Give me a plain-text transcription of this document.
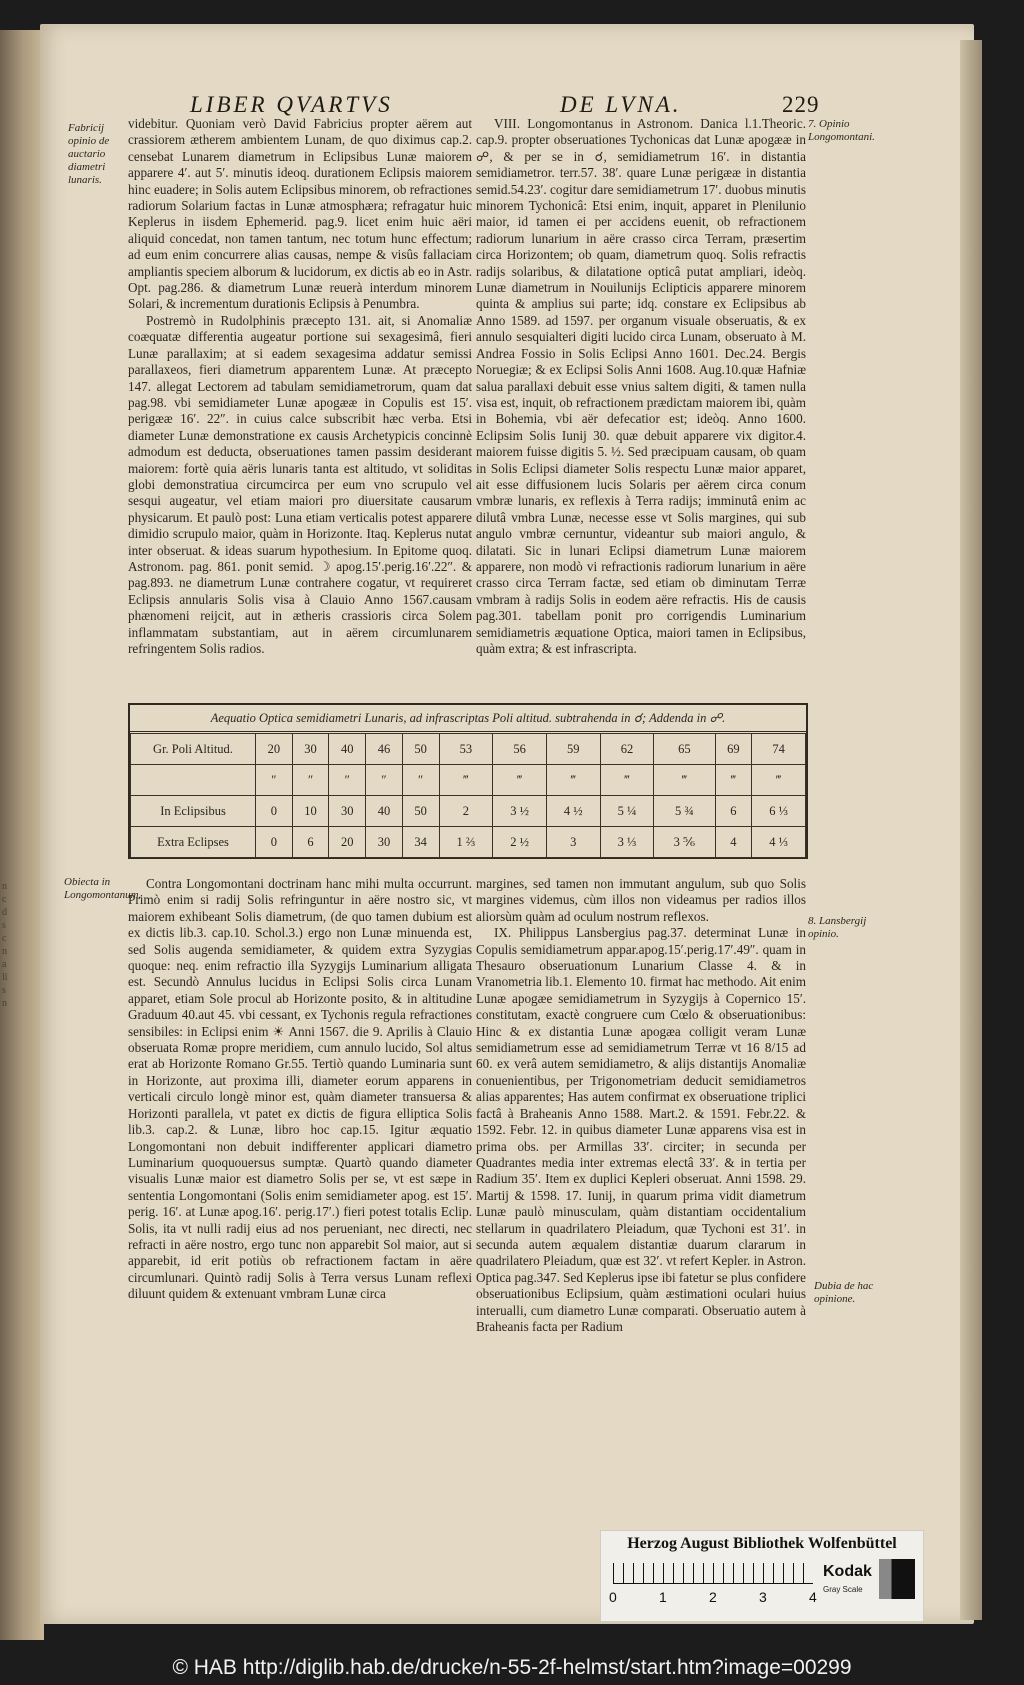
n
c
d
s
c
n
a
li
s
n
LIBER QVARTVS	DE LVNA.	229
Fabricij opinio de auctario diametri lunaris.
7. Opinio Longomontani.
Obiecta in Longomontanum.
8. Lansbergij opinio.
Dubia de hac opinione.

videbitur. Quoniam verò David Fabricius propter aërem aut crassiorem ætherem ambientem Lunam, de quo diximus cap.2. censebat Lunarem diametrum in Eclipsibus Lunæ maiorem apparere 4′. aut 5′. minutis ideoq. durationem Eclipsis maiorem hinc euadere; in Solis autem Eclipsibus minorem, ob refractiones radiorum Solarium factas in Lunæ atmosphæra; refragatur huic Keplerus in iisdem Ephemerid. pag.9. licet enim huic aëri aliquid concedat, non tamen tantum, nec totum hunc effectum; ad eum enim concurrere alias causas, nempe & visûs fallaciam ampliantis speciem alborum & lucidorum, ex dictis ab eo in Astr. Opt. pag.286. & diametrum Lunæ reuerà interdum minorem Solari, & incrementum durationis Eclipsis à Penumbra.

Postremò in Rudolphinis præcepto 131. ait, si Anomaliæ coæquatæ differentia augeatur portione sui sexagesimâ, fieri Lunæ parallaxim; at si eadem sexagesima addatur semissi parallaxeos, fieri diametrum apparentem Lunæ. At præcepto 147. allegat Lectorem ad tabulam semidiametrorum, quam dat pag.98. vbi semidiameter Lunæ apogææ in Copulis est 15′. perigææ 16′. 22″. in cuius calce subscribit hæc verba. Etsi diameter Lunæ demonstratione ex causis Archetypicis concinnè admodum est deducta, obseruationes tamen passim desiderant maiorem: fortè quia aëris lunaris tanta est altitudo, vt soliditas globi demonstratiua circumcirca per eum vno scrupulo vel sesqui augeatur, vel etiam maiori pro diuersitate causarum physicarum. Et paulò post: Luna etiam verticalis potest apparere dimidio scrupulo maior, quàm in Horizonte. Itaq. Keplerus nutat inter obseruat. & ideas suarum hypothesium. In Epitome quoq. Astronom. pag. 861. ponit semid. ☽ apog.15′.perig.16′.22″. & pag.893. ne diametrum Lunæ contrahere cogatur, vt requireret Eclipsis annularis Solis visa à Clauio Anno 1567.causam phænomeni reijcit, aut in ætheris crassioris circa Solem inflammatam substantiam, aut in aërem circumlunarem refringentem Solis radios.

VIII. Longomontanus in Astronom. Danica l.1.Theoric. cap.9. propter obseruationes Tychonicas dat Lunæ apogææ in ☍, & per se in ☌, semidiametrum 16′. in distantia semidiametror. terr.57. 38′. quare Lunæ perigææ in distantia semid.54.23′. cogitur dare semidiametrum 17′. duobus minutis minorem Tychonicâ: Etsi enim, inquit, apparet in Plenilunio maior, id tamen ei per accidens euenit, ob refractionem radiorum lunarium in aëre crasso circa Terram, præsertim circa Horizontem; ob quam, diametrum quoq. Solis refractis radijs solaribus, & dilatatione opticâ putat ampliari, ideòq. Lunæ diametrum in Nouilunijs Eclipticis apparere minorem quinta & amplius sui parte; idq. constare ex Eclipsibus ab Anno 1589. ad 1597. per organum visuale obseruatis, & ex annulo sesquialteri digiti lucido circa Lunam, obseruato à M. Andrea Fossio in Solis Eclipsi Anno 1601. Dec.24. Bergis Noruegiæ; & ex Eclipsi Solis Anni 1608. Aug.10.quæ Hafniæ salua parallaxi debuit esse vnius saltem digiti, & tamen nulla visa est, inquit, ob refractionem prædictam maiorem ibi, quàm in Bohemia, vbi aër defecatior est; ideòq. Anno 1600. Eclipsim Solis Iunij 30. quæ debuit apparere vix digitor.4. maiorem fuisse digitis 5. ½. Sed præcipuam causam, ob quam in Solis Eclipsi diameter Solis respectu Lunæ maior apparet, ait esse diffusionem lucis Solaris per aërem circa conum vmbræ lunaris, ex reflexis à Terra radijs; imminutâ enim ac dilutâ vmbra Lunæ, necesse esse vt Solis margines, qui sub angulo vmbræ cernuntur, videantur sub maiori angulo, & dilatati. Sic in lunari Eclipsi diametrum Lunæ maiorem apparere, non modò vi refractionis radiorum lunarium in aëre crasso circa Terram factæ, sed etiam ob diminutam Terræ vmbram à radijs Solis in eodem aëre refractis. His de causis pag.301. tabellam ponit pro corrigendis Luminarium semidiametris æquatione Optica, maiori tamen in Eclipsibus, quàm extra; & est infrascripta.

Aequatio Optica semidiametri Lunaris, ad infrascriptas Poli altitud. subtrahenda in ☌; Addenda in ☍.
Gr. Poli Altitud.	20	30	40	46	50	53	56	59	62	65	69	74
	″	″	″	″	″	‴	‴	‴	‴	‴	‴	‴
In Eclipsibus	0	10	30	40	50	2	3 ½	4 ½	5 ¼	5 ¾	6	6 ⅓
Extra Eclipses	0	6	20	30	34	1 ⅔	2 ½	3	3 ⅓	3 ⅚	4	4 ⅓

Contra Longomontani doctrinam hanc mihi multa occurrunt. Primò enim si radij Solis refringuntur in aëre nostro sic, vt maiorem exhibeant Solis diametrum, (de quo tamen dubium est ex dictis lib.3. cap.10. Schol.3.) ergo non Lunæ minuenda est, sed Solis augenda semidiameter, & quidem extra Syzygias quoque: neq. enim refractio illa Syzygijs Luminarium alligata est. Secundò Annulus lucidus in Eclipsi Solis circa Lunam apparet, etiam Sole procul ab Horizonte posito, & in altitudine Graduum 40.aut 45. vbi cessant, ex Tychonis regula refractiones sensibiles: in Eclipsi enim ☀ Anni 1567. die 9. Aprilis à Clauio obseruata Romæ propre meridiem, cum annulo lucido, Sol altus erat ab Horizonte Romano Gr.55. Tertiò quando Luminaria sunt in Horizonte, aut proxima illi, diameter eorum apparens in verticali circulo longè minor est, quàm diameter transuersa & Horizonti parallela, vt patet ex dictis de figura elliptica Solis lib.3. cap.2. & Lunæ, libro hoc cap.15. Igitur æquatio Longomontani non debuit indifferenter applicari diametro Luminarium quoquouersus sumptæ. Quartò quando diameter visualis Lunæ maior est diametro Solis per se, vt est sæpe in sententia Longomontani (Solis enim semidiameter apog. est 15′. perig. 16′. at Lunæ apog.16′. perig.17′.) fieri potest totalis Eclip. Solis, ita vt nulli radij eius ad nos perueniant, nec directi, nec refracti in aëre nostro, ergo tunc non apparebit Sol maior, aut si apparebit, id erit potiùs ob refractionem factam in aëre circumlunari. Quintò radij Solis à Terra versus Lunam reflexi diluunt quidem & extenuant vmbram Lunæ circa

margines, sed tamen non immutant angulum, sub quo Solis margines videmus, cùm illos non videamus per radios illos aliorsùm quàm ad oculum nostrum reflexos.

IX. Philippus Lansbergius pag.37. determinat Lunæ in Copulis semidiametrum appar.apog.15′.perig.17′.49″. quam in Thesauro obseruationum Lunarium Classe 4. & in Vranometria lib.1. Elemento 10. firmat hac methodo. Ait enim Lunæ apogæe semidiametrum in Syzygijs à Copernico 15′. constitutam, exactè congruere cum Cœlo & obseruationibus: Hinc & ex distantia Lunæ apogæa colligit veram Lunæ semidiametrum esse ad semidiametrum Terræ vt 16 8/15 ad 60. ex verâ autem semidiametro, & alijs distantijs Anomaliæ conuenientibus, per Trigonometriam deducit semidiametros alias apparentes; Has autem confirmat ex obseruatione triplici factâ à Braheanis Anno 1588. Mart.2. & 1591. Febr.22. & 1592. Febr. 12. in quibus diameter Lunæ apparens visa est in prima obs. per Armillas 33′. circiter; in secunda per Quadrantes media inter extremas electâ 33′. & in tertia per Radium 35′. Item ex duplici Kepleri obseruat. Anni 1598. 29. Martij & 1598. 17. Iunij, in quarum prima vidit diametrum Lunæ paulò minusculam, quàm distantiam occidentalium stellarum in quadrilatero Pleiadum, quæ Tychoni est 31′. in secunda autem æqualem distantiæ duarum clararum in quadrilatero Pleiadum, quæ est 32′. vt refert Kepler. in Astron. Optica pag.347. Sed Keplerus ipse ibi fatetur se plus confidere obseruationibus Eclipsium, quàm æstimationi oculari huius interualli, cum diametro Lunæ comparati. Obseruatio autem à Braheanis facta per Radium

Herzog August Bibliothek Wolfenbüttel
0	1	2	3	4
Kodak
Gray Scale
© HAB http://diglib.hab.de/drucke/n-55-2f-helmst/start.htm?image=00299
